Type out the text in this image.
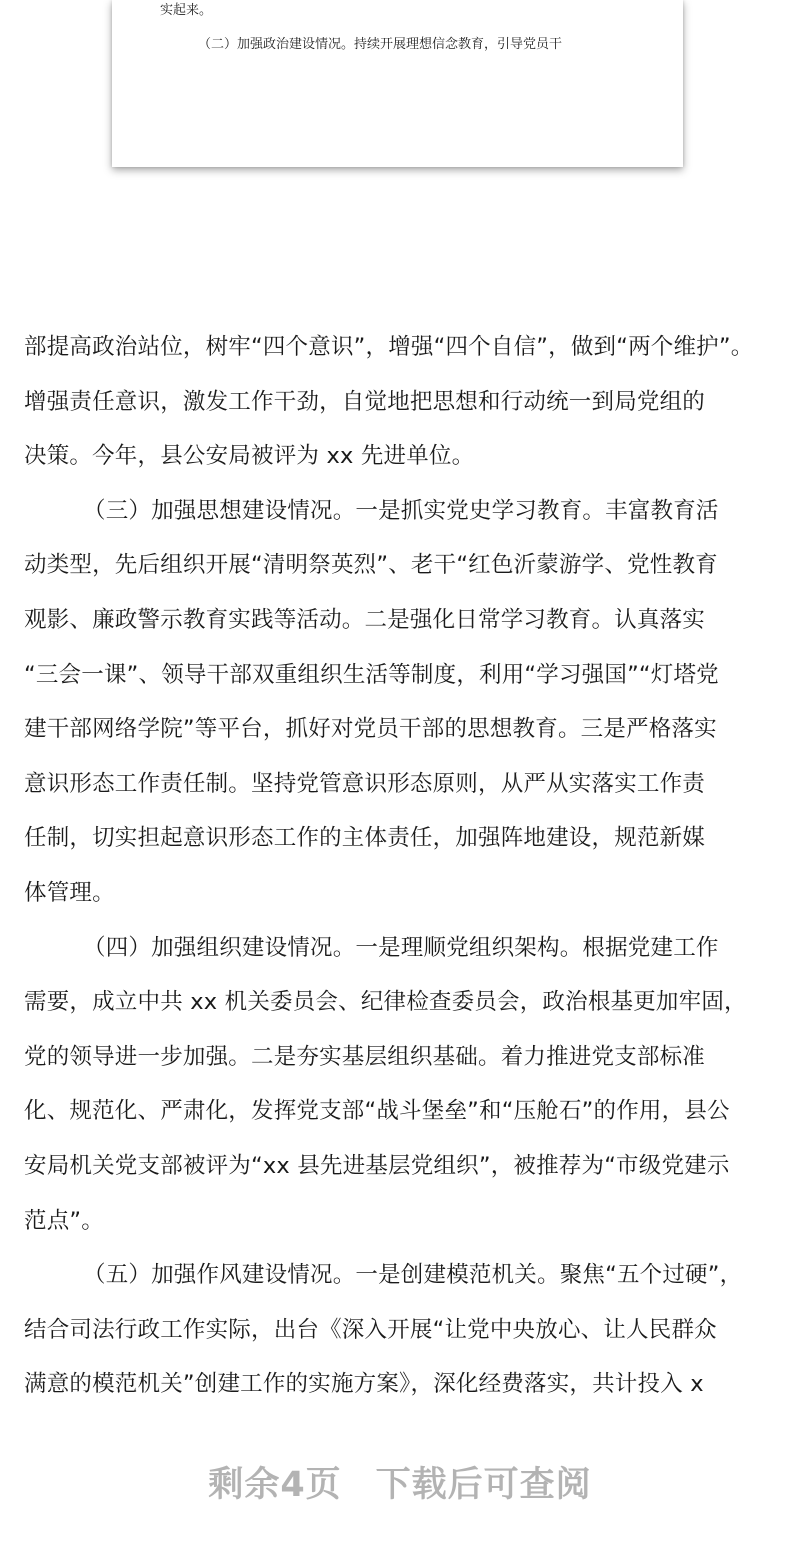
实起来。
（二）加强政治建设情况。持续开展理想信念教育，引导党员干
部提高政治站位，树牢“四个意识”，增强“四个自信”，做到“两个维护”。
增强责任意识，激发工作干劲，自觉地把思想和行动统一到局党组的
决策。今年，县公安局被评为 xx 先进单位。
（三）加强思想建设情况。一是抓实党史学习教育。丰富教育活
动类型，先后组织开展“清明祭英烈”、老干“红色沂蒙游学、党性教育
观影、廉政警示教育实践等活动。二是强化日常学习教育。认真落实
“三会一课”、领导干部双重组织生活等制度，利用“学习强国”“灯塔党
建干部网络学院”等平台，抓好对党员干部的思想教育。三是严格落实
意识形态工作责任制。坚持党管意识形态原则，从严从实落实工作责
任制，切实担起意识形态工作的主体责任，加强阵地建设，规范新媒
体管理。
（四）加强组织建设情况。一是理顺党组织架构。根据党建工作
需要，成立中共 xx 机关委员会、纪律检查委员会，政治根基更加牢固，
党的领导进一步加强。二是夯实基层组织基础。着力推进党支部标准
化、规范化、严肃化，发挥党支部“战斗堡垒”和“压舱石”的作用，县公
安局机关党支部被评为“xx 县先进基层党组织”，被推荐为“市级党建示
范点”。
（五）加强作风建设情况。一是创建模范机关。聚焦“五个过硬”，
结合司法行政工作实际，出台《深入开展“让党中央放心、让人民群众
满意的模范机关”创建工作的实施方案》，深化经费落实，共计投入 x
剩余4页 下载后可查阅
